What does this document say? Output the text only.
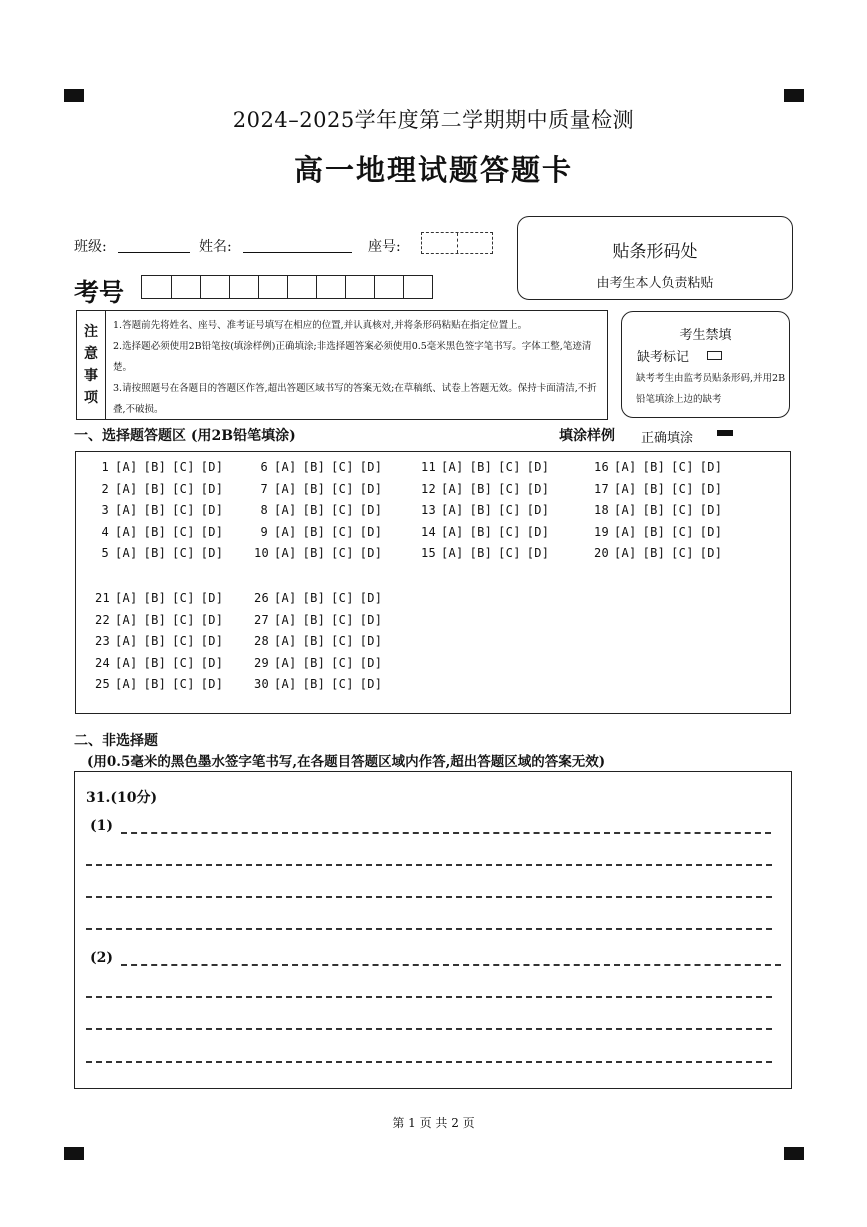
2024–2025学年度第二学期期中质量检测
高一地理试题答题卡
班级:	姓名:	座号:	贴条形码处
由考生本人负责粘贴
考号
注
意
事
项
1.答题前先将姓名、座号、准考证号填写在相应的位置,并认真核对,并将条形码粘贴在指定位置上。
2.选择题必须使用2B铅笔按(填涂样例)正确填涂;非选择题答案必须使用0.5毫米黑色签字笔书写。字体工整,笔迹清楚。
3.请按照题号在各题目的答题区作答,超出答题区域书写的答案无效;在草稿纸、试卷上答题无效。保持卡面清洁,不折叠,不破损。
考生禁填
缺考标记
缺考考生由监考员贴条形码,并用2B铅笔填涂上边的缺考
一、选择题答题区 (用2B铅笔填涂)	填涂样例 正确填涂
1 [A] [B] [C] [D]
2 [A] [B] [C] [D]
3 [A] [B] [C] [D]
4 [A] [B] [C] [D]
5 [A] [B] [C] [D]
6 [A] [B] [C] [D]
7 [A] [B] [C] [D]
8 [A] [B] [C] [D]
9 [A] [B] [C] [D]
10 [A] [B] [C] [D]
11 [A] [B] [C] [D]
12 [A] [B] [C] [D]
13 [A] [B] [C] [D]
14 [A] [B] [C] [D]
15 [A] [B] [C] [D]
16 [A] [B] [C] [D]
17 [A] [B] [C] [D]
18 [A] [B] [C] [D]
19 [A] [B] [C] [D]
20 [A] [B] [C] [D]
21 [A] [B] [C] [D]
22 [A] [B] [C] [D]
23 [A] [B] [C] [D]
24 [A] [B] [C] [D]
25 [A] [B] [C] [D]
26 [A] [B] [C] [D]
27 [A] [B] [C] [D]
28 [A] [B] [C] [D]
29 [A] [B] [C] [D]
30 [A] [B] [C] [D]
二、非选择题
(用0.5毫米的黑色墨水签字笔书写,在各题目答题区域内作答,超出答题区域的答案无效)
31.(10分)
(1)
(2)
第 1 页 共 2 页
